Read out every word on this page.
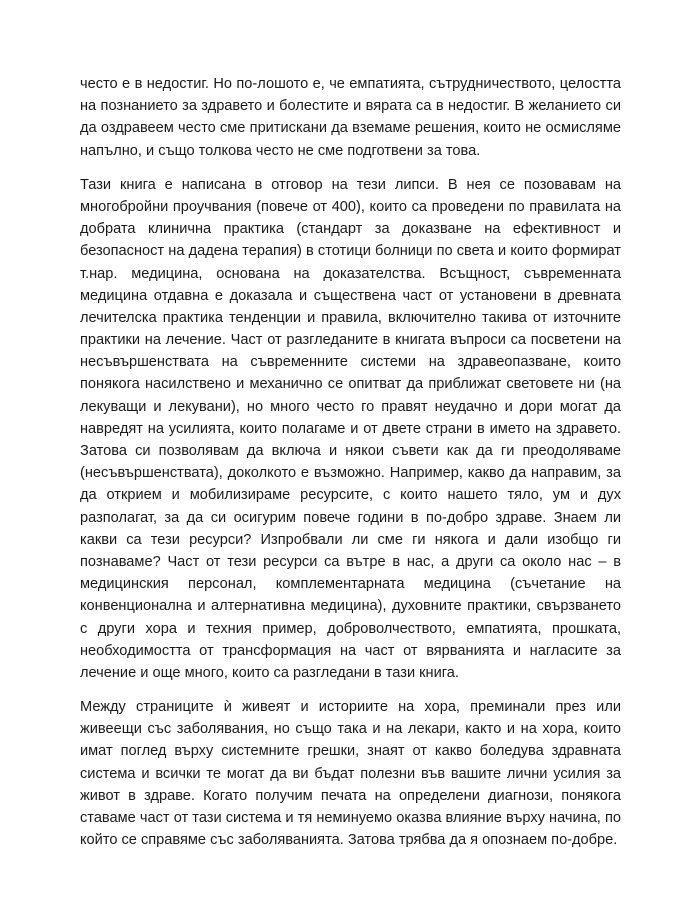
често е в недостиг. Но по-лошото е, че емпатията, сътрудничеството, целостта
на познанието за здравето и болестите и вярата са в недостиг. В желанието си
да оздравеем често сме притискани да вземаме решения, които не осмисляме
напълно, и също толкова често не сме подготвени за това.
Тази книга е написана в отговор на тези липси. В нея се позовавам на
многобройни проучвания (повече от 400), които са проведени по правилата на
добрата клинична практика (стандарт за доказване на ефективност и
безопасност на дадена терапия) в стотици болници по света и които формират
т.нар. медицина, основана на доказателства. Всъщност, съвременната
медицина отдавна е доказала и съществена част от установени в древната
лечителска практика тенденции и правила, включително такива от източните
практики на лечение. Част от разгледаните в книгата въпроси са посветени на
несъвършенствата на съвременните системи на здравеопазване, които
понякога насилствено и механично се опитват да приближат световете ни (на
лекуващи и лекувани), но много често го правят неудачно и дори могат да
навредят на усилията, които полагаме и от двете страни в името на здравето.
Затова си позволявам да включа и някои съвети как да ги преодоляваме
(несъвършенствата), доколкото е възможно. Например, какво да направим, за
да открием и мобилизираме ресурсите, с които нашето тяло, ум и дух
разполагат, за да си осигурим повече години в по-добро здраве. Знаем ли
какви са тези ресурси? Изпробвали ли сме ги някога и дали изобщо ги
познаваме? Част от тези ресурси са вътре в нас, а други са около нас – в
медицинския персонал, комплементарната медицина (съчетание на
конвенционална и алтернативна медицина), духовните практики, свързването
с други хора и техния пример, доброволчеството, емпатията, прошката,
необходимостта от трансформация на част от вярванията и нагласите за
лечение и още много, които са разгледани в тази книга.
Между страниците ѝ живеят и историите на хора, преминали през или
живеещи със заболявания, но също така и на лекари, както и на хора, които
имат поглед върху системните грешки, знаят от какво боледува здравната
система и всички те могат да ви бъдат полезни във вашите лични усилия за
живот в здраве. Когато получим печата на определени диагнози, понякога
ставаме част от тази система и тя неминуемо оказва влияние върху начина, по
който се справяме със заболяванията. Затова трябва да я опознаем по-добре.
